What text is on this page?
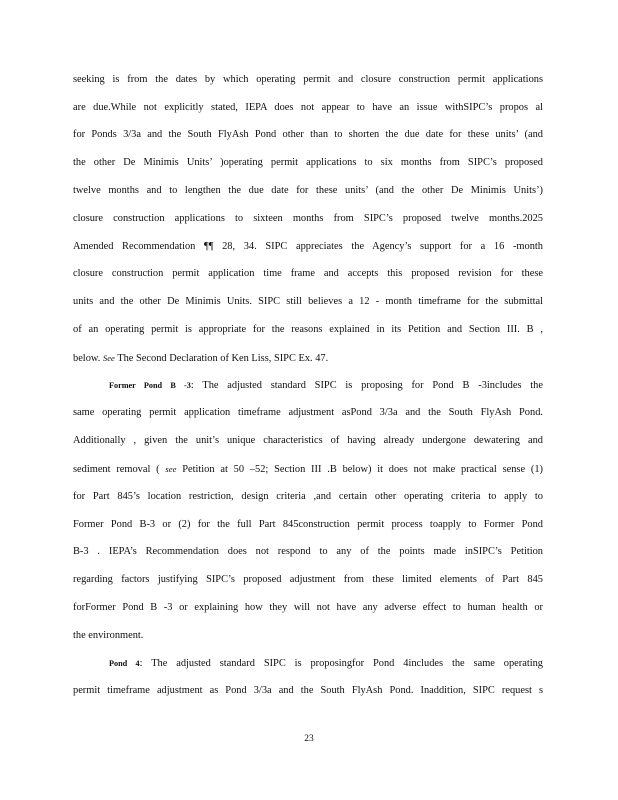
seeking is from the dates by which operating permit and closure construction permit applications
are due.While not explicitly stated, IEPA does not appear to have an issue withSIPC’s propos al
for Ponds 3/3a and the South FlyAsh Pond other than to shorten the due date for these units’ (and
the other De Minimis Units’ )operating permit applications to six months from SIPC’s proposed
twelve months and to lengthen the due date for these units’ (and the other De Minimis Units’)
closure construction applications to sixteen months from SIPC’s proposed twelve months.2025
Amended Recommendation ¶¶ 28, 34. SIPC appreciates the Agency’s support for a 16 -month
closure construction permit application time frame and accepts this proposed revision for these
units and the other De Minimis Units. SIPC still believes a 12 - month timeframe for the submittal
of an operating permit is appropriate for the reasons explained in its Petition and Section III. B ,
below. See The Second Declaration of Ken Liss, SIPC Ex. 47.
Former Pond B -3: The adjusted standard SIPC is proposing for Pond B -3includes the
same operating permit application timeframe adjustment asPond 3/3a and the South FlyAsh Pond.
Additionally , given the unit’s unique characteristics of having already undergone dewatering and
sediment removal ( see Petition at 50 –52; Section III .B below) it does not make practical sense (1)
for Part 845’s location restriction, design criteria ,and certain other operating criteria to apply to
Former Pond B-3 or (2) for the full Part 845construction permit process toapply to Former Pond
B-3 . IEPA’s Recommendation does not respond to any of the points made inSIPC’s Petition
regarding factors justifying SIPC’s proposed adjustment from these limited elements of Part 845
forFormer Pond B -3 or explaining how they will not have any adverse effect to human health or
the environment.
Pond 4: The adjusted standard SIPC is proposingfor Pond 4includes the same operating
permit timeframe adjustment as Pond 3/3a and the South FlyAsh Pond. Inaddition, SIPC request s
23
